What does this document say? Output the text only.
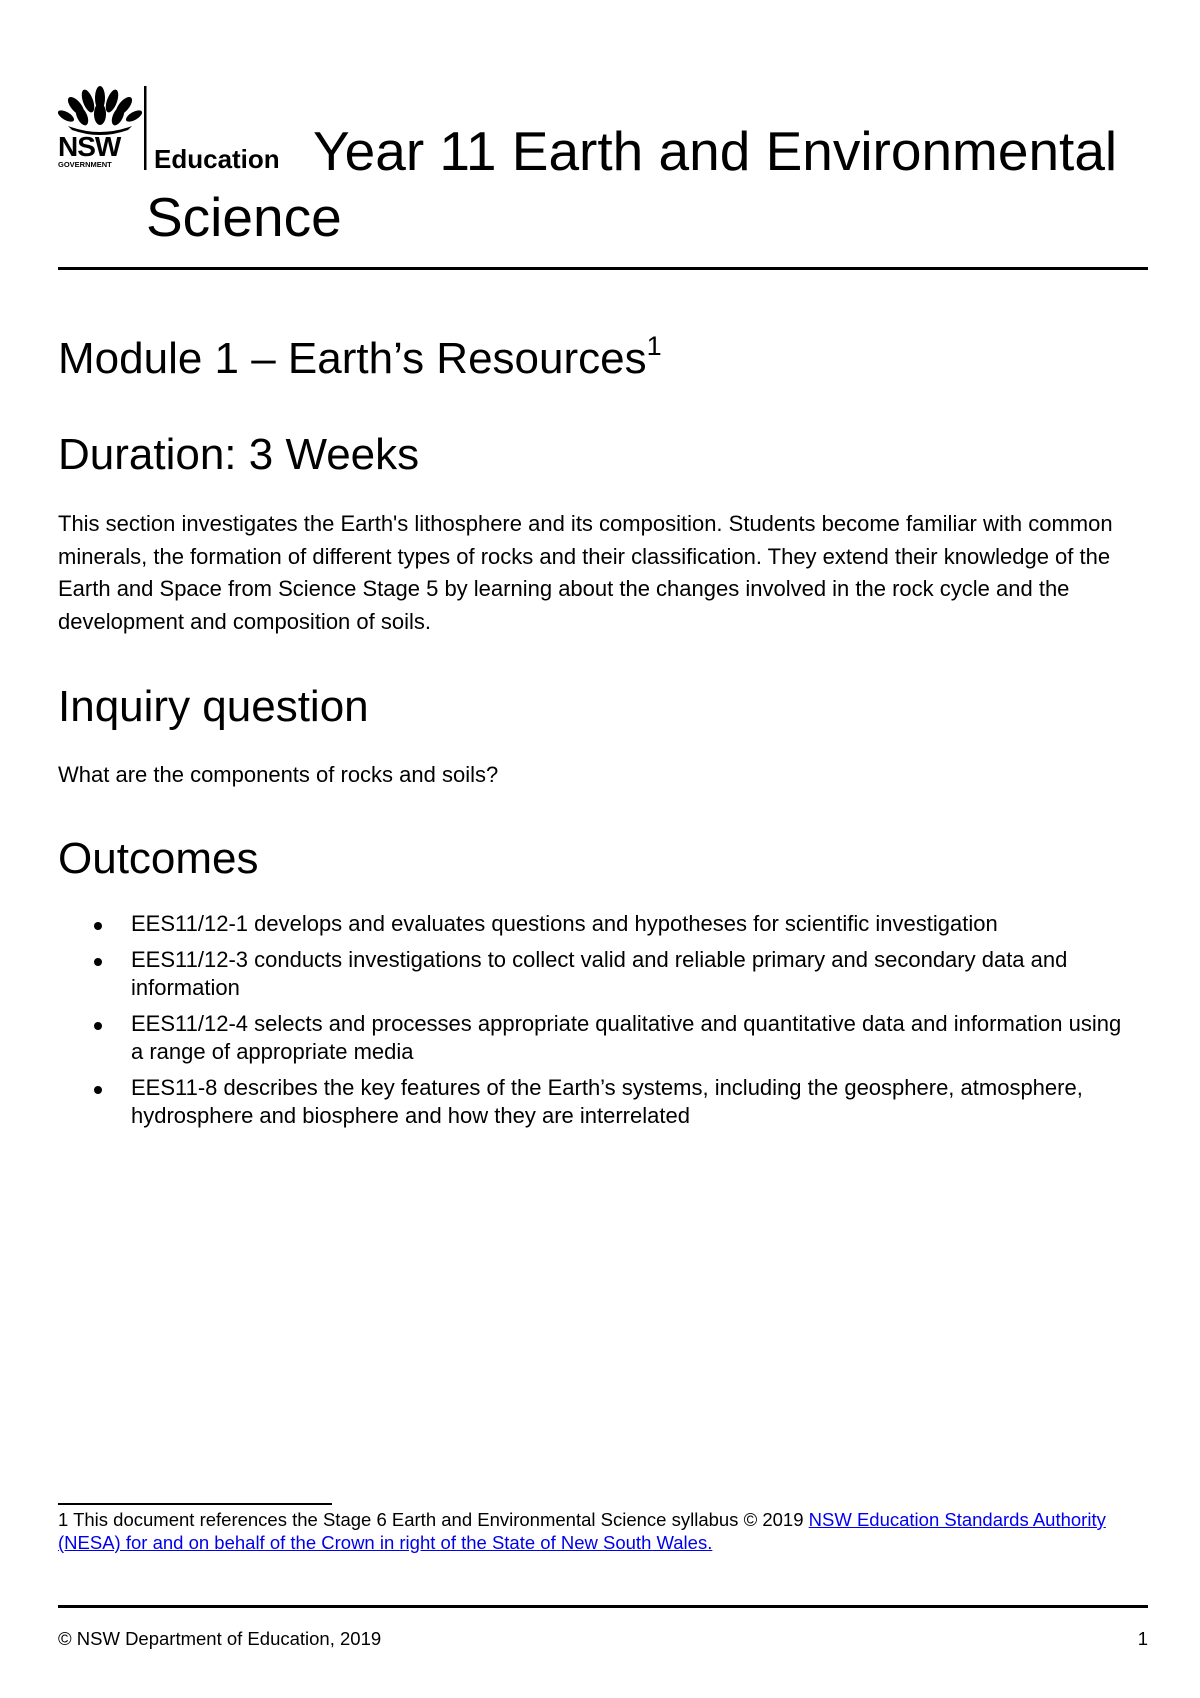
NSW
GOVERNMENT Education Year 11 Earth and Environmental Science
Module 1 – Earth’s Resources$^1$
Duration: 3 Weeks

This section investigates the Earth's lithosphere and its composition. Students become familiar with common minerals, the formation of different types of rocks and their classification. They extend their knowledge of the Earth and Space from Science Stage 5 by learning about the changes involved in the rock cycle and the development and composition of soils.

Inquiry question

What are the components of rocks and soils?

Outcomes
EES11/12-1 develops and evaluates questions and hypotheses for scientific investigation
EES11/12-3 conducts investigations to collect valid and reliable primary and secondary data and information
EES11/12-4 selects and processes appropriate qualitative and quantitative data and information using a range of appropriate media
EES11-8 describes the key features of the Earth’s systems, including the geosphere, atmosphere, hydrosphere and biosphere and how they are interrelated

1 This document references the Stage 6 Earth and Environmental Science syllabus © 2019 NSW Education Standards Authority (NESA) for and on behalf of the Crown in right of the State of New South Wales.

© NSW Department of Education, 2019	1
